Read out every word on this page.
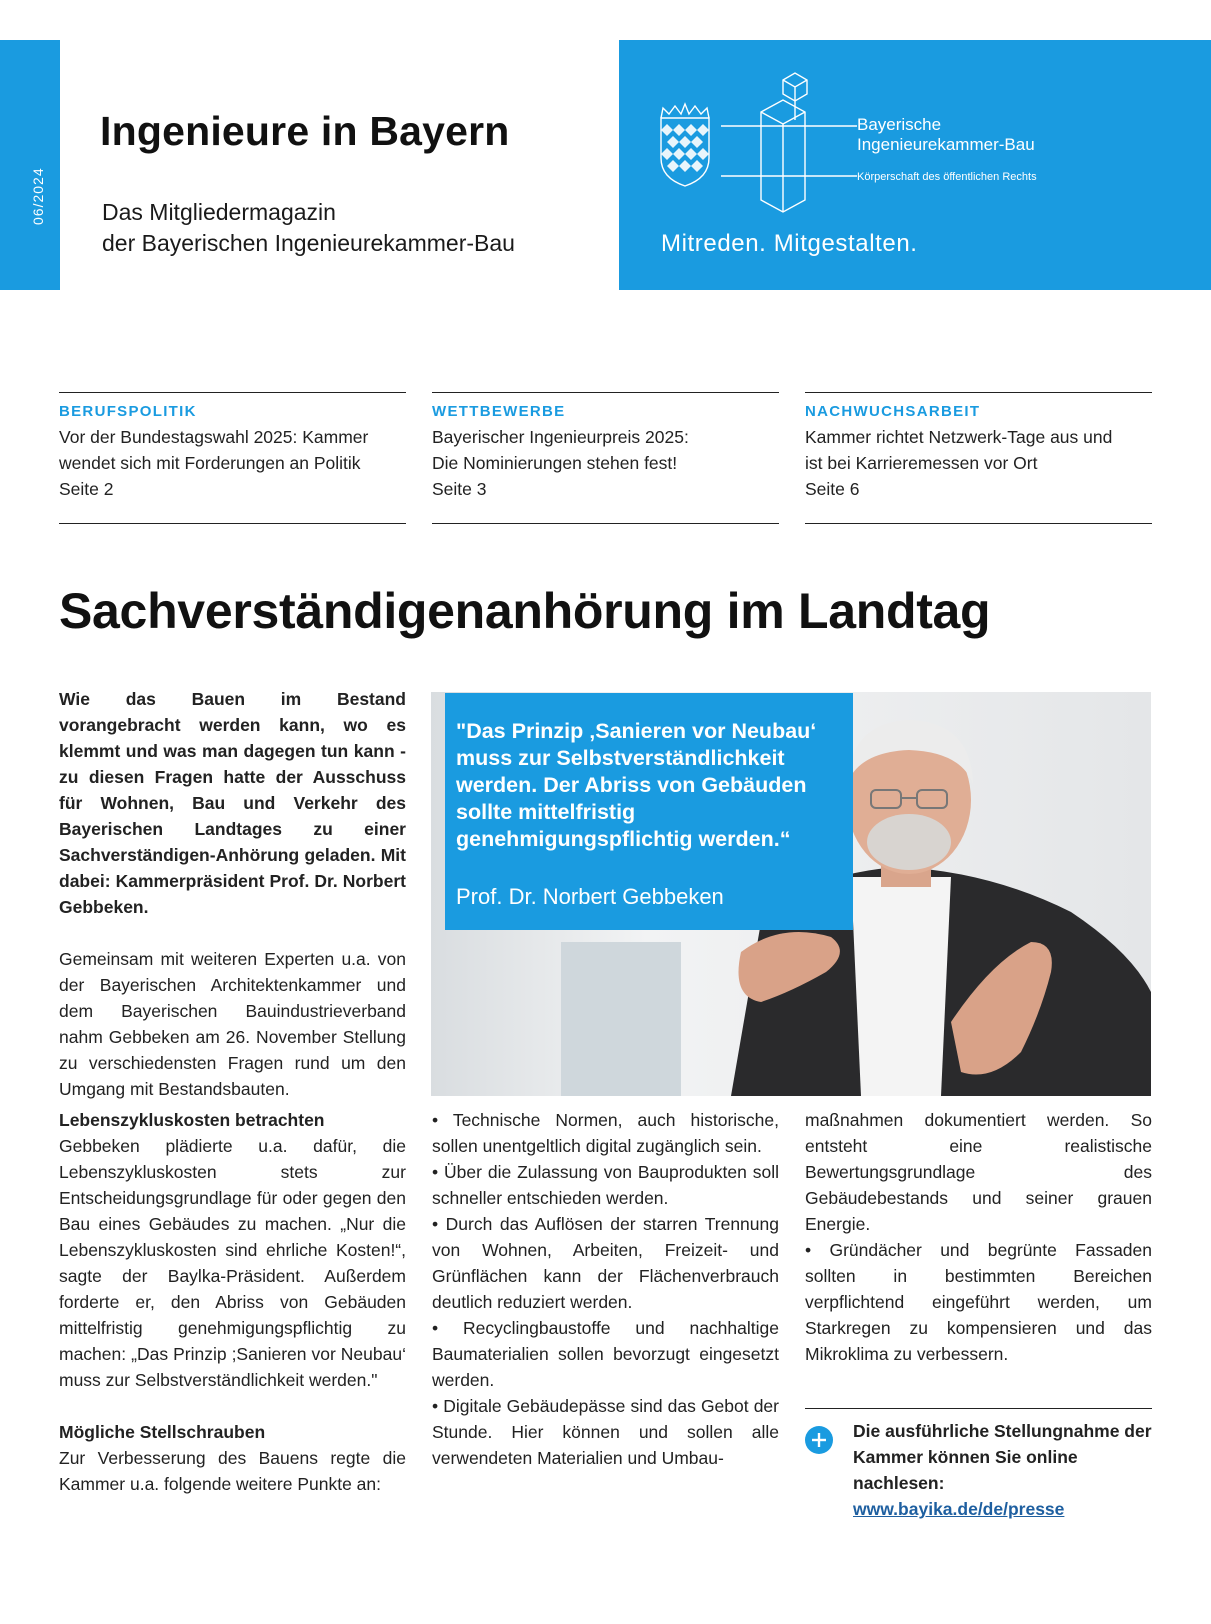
06/2024
Ingenieure in Bayern
Das Mitgliedermagazin
der Bayerischen Ingenieurekammer-Bau
Bayerische
Ingenieurekammer-Bau
Körperschaft des öffentlichen Rechts
Mitreden. Mitgestalten.
BERUFSPOLITIK
Vor der Bundestagswahl 2025: Kammer
wendet sich mit Forderungen an Politik
Seite 2
WETTBEWERBE
Bayerischer Ingenieurpreis 2025:
Die Nominierungen stehen fest!
Seite 3
NACHWUCHSARBEIT
Kammer richtet Netzwerk-Tage aus und
ist bei Karrieremessen vor Ort
Seite 6
Sachverständigenanhörung im Landtag

Wie das Bauen im Bestand vorangebracht werden kann, wo es klemmt und was man dagegen tun kann - zu diesen Fragen hatte der Ausschuss für Wohnen, Bau und Verkehr des Bayerischen Landtages zu einer Sachverständigen-Anhörung geladen. Mit dabei: Kammerpräsident Prof. Dr. Norbert Gebbeken.

Gemeinsam mit weiteren Experten u.a. von der Bayerischen Architektenkammer und dem Bayerischen Bauindustrieverband nahm Gebbeken am 26. November Stellung zu verschiedensten Fragen rund um den Umgang mit Bestandsbauten.

"Das Prinzip ‚Sanieren vor Neubau‘ muss zur Selbstverständlichkeit werden. Der Abriss von Gebäuden sollte mittelfristig genehmigungspflichtig werden.“
Prof. Dr. Norbert Gebbeken

Lebenszykluskosten betrachten

Gebbeken plädierte u.a. dafür, die Lebenszykluskosten stets zur Entscheidungsgrundlage für oder gegen den Bau eines Gebäudes zu machen. „Nur die Lebenszykluskosten sind ehrliche Kosten!“, sagte der Baylka-Präsident. Außerdem forderte er, den Abriss von Gebäuden mittelfristig genehmigungspflichtig zu machen: „Das Prinzip ;Sanieren vor Neubau‘ muss zur Selbstverständlichkeit werden."

Mögliche Stellschrauben

Zur Verbesserung des Bauens regte die Kammer u.a. folgende weitere Punkte an:

• Technische Normen, auch historische, sollen unentgeltlich digital zugänglich sein.

• Über die Zulassung von Bauprodukten soll schneller entschieden werden.

• Durch das Auflösen der starren Trennung von Wohnen, Arbeiten, Freizeit- und Grünflächen kann der Flächenverbrauch deutlich reduziert werden.

• Recyclingbaustoffe und nachhaltige Baumaterialien sollen bevorzugt eingesetzt werden.

• Digitale Gebäudepässe sind das Gebot der Stunde. Hier können und sollen alle verwendeten Materialien und Umbau-

maßnahmen dokumentiert werden. So entsteht eine realistische Bewertungsgrundlage des Gebäudebestands und seiner grauen Energie.

• Gründächer und begrünte Fassaden sollten in bestimmten Bereichen verpflichtend eingeführt werden, um Starkregen zu kompensieren und das Mikroklima zu verbessern.

Die ausführliche Stellungnahme der Kammer können Sie online nachlesen:
www.bayika.de/de/presse
